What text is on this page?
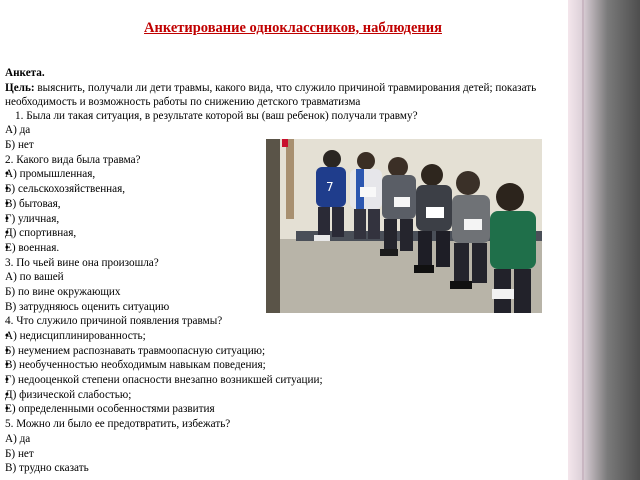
Анкетирование одноклассников, наблюдения
Анкета.
Цель: выяснить, получали ли дети травмы, какого вида, что служило причиной травмирования детей; показать необходимость и возможность работы по снижению детского травматизма
1. Была ли такая ситуация, в результате которой вы (ваш ребенок) получали травму?
А) да
Б) нет
2. Какого вида была травма?
• А) промышленная,
• Б) сельскохозяйственная,
• В) бытовая,
• Г) уличная,
• Д) спортивная,
• Е) военная.
3. По чьей вине она произошла?
А) по вашей
Б) по вине окружающих
В) затрудняюсь оценить ситуацию
4. Что служило причиной появления травмы?
• А) недисциплинированность;
• Б) неумением распознавать травмоопасную ситуацию;
• В) необученностью необходимым навыкам поведения;
• Г) недооценкой степени опасности внезапно возникшей ситуации;
• Д) физической слабостью;
• Е) определенными особенностями развития
5. Можно ли было ее предотвратить, избежать?
А) да
Б) нет
В) трудно сказать
7
